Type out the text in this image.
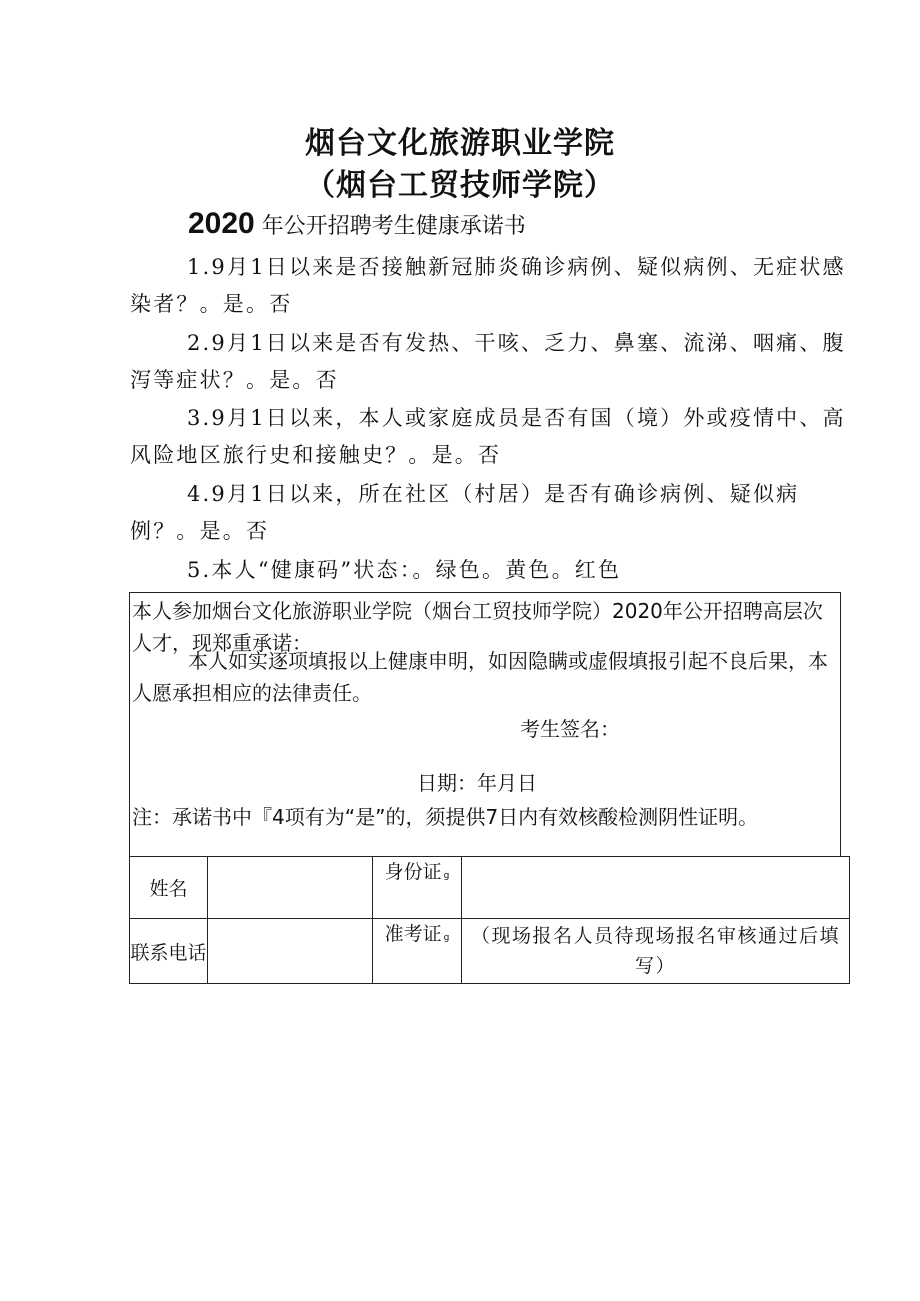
烟台文化旅游职业学院
（烟台工贸技师学院）
2020 年公开招聘考生健康承诺书

1.9月1日以来是否接触新冠肺炎确诊病例、疑似病例、无症状感染者？。是。否

2.9月1日以来是否有发热、干咳、乏力、鼻塞、流涕、咽痛、腹泻等症状？。是。否

3.9月1日以来，本人或家庭成员是否有国（境）外或疫情中、高风险地区旅行史和接触史？。是。否

4.9月1日以来，所在社区（村居）是否有确诊病例、疑似病例？。是。否

5.本人“健康码”状态：。绿色。黄色。红色

本人参加烟台文化旅游职业学院（烟台工贸技师学院）2020年公开招聘高层次人才，现郑重承诺：

本人如实逐项填报以上健康申明，如因隐瞒或虚假填报引起不良后果，本人愿承担相应的法律责任。

考生签名：

日期：年月日

注：承诺书中『4项有为“是”的，须提供7日内有效核酸检测阴性证明。

姓名		身份证 g	
联系电话		准考证 g	（现场报名人员待现场报名审核通过后填写）
